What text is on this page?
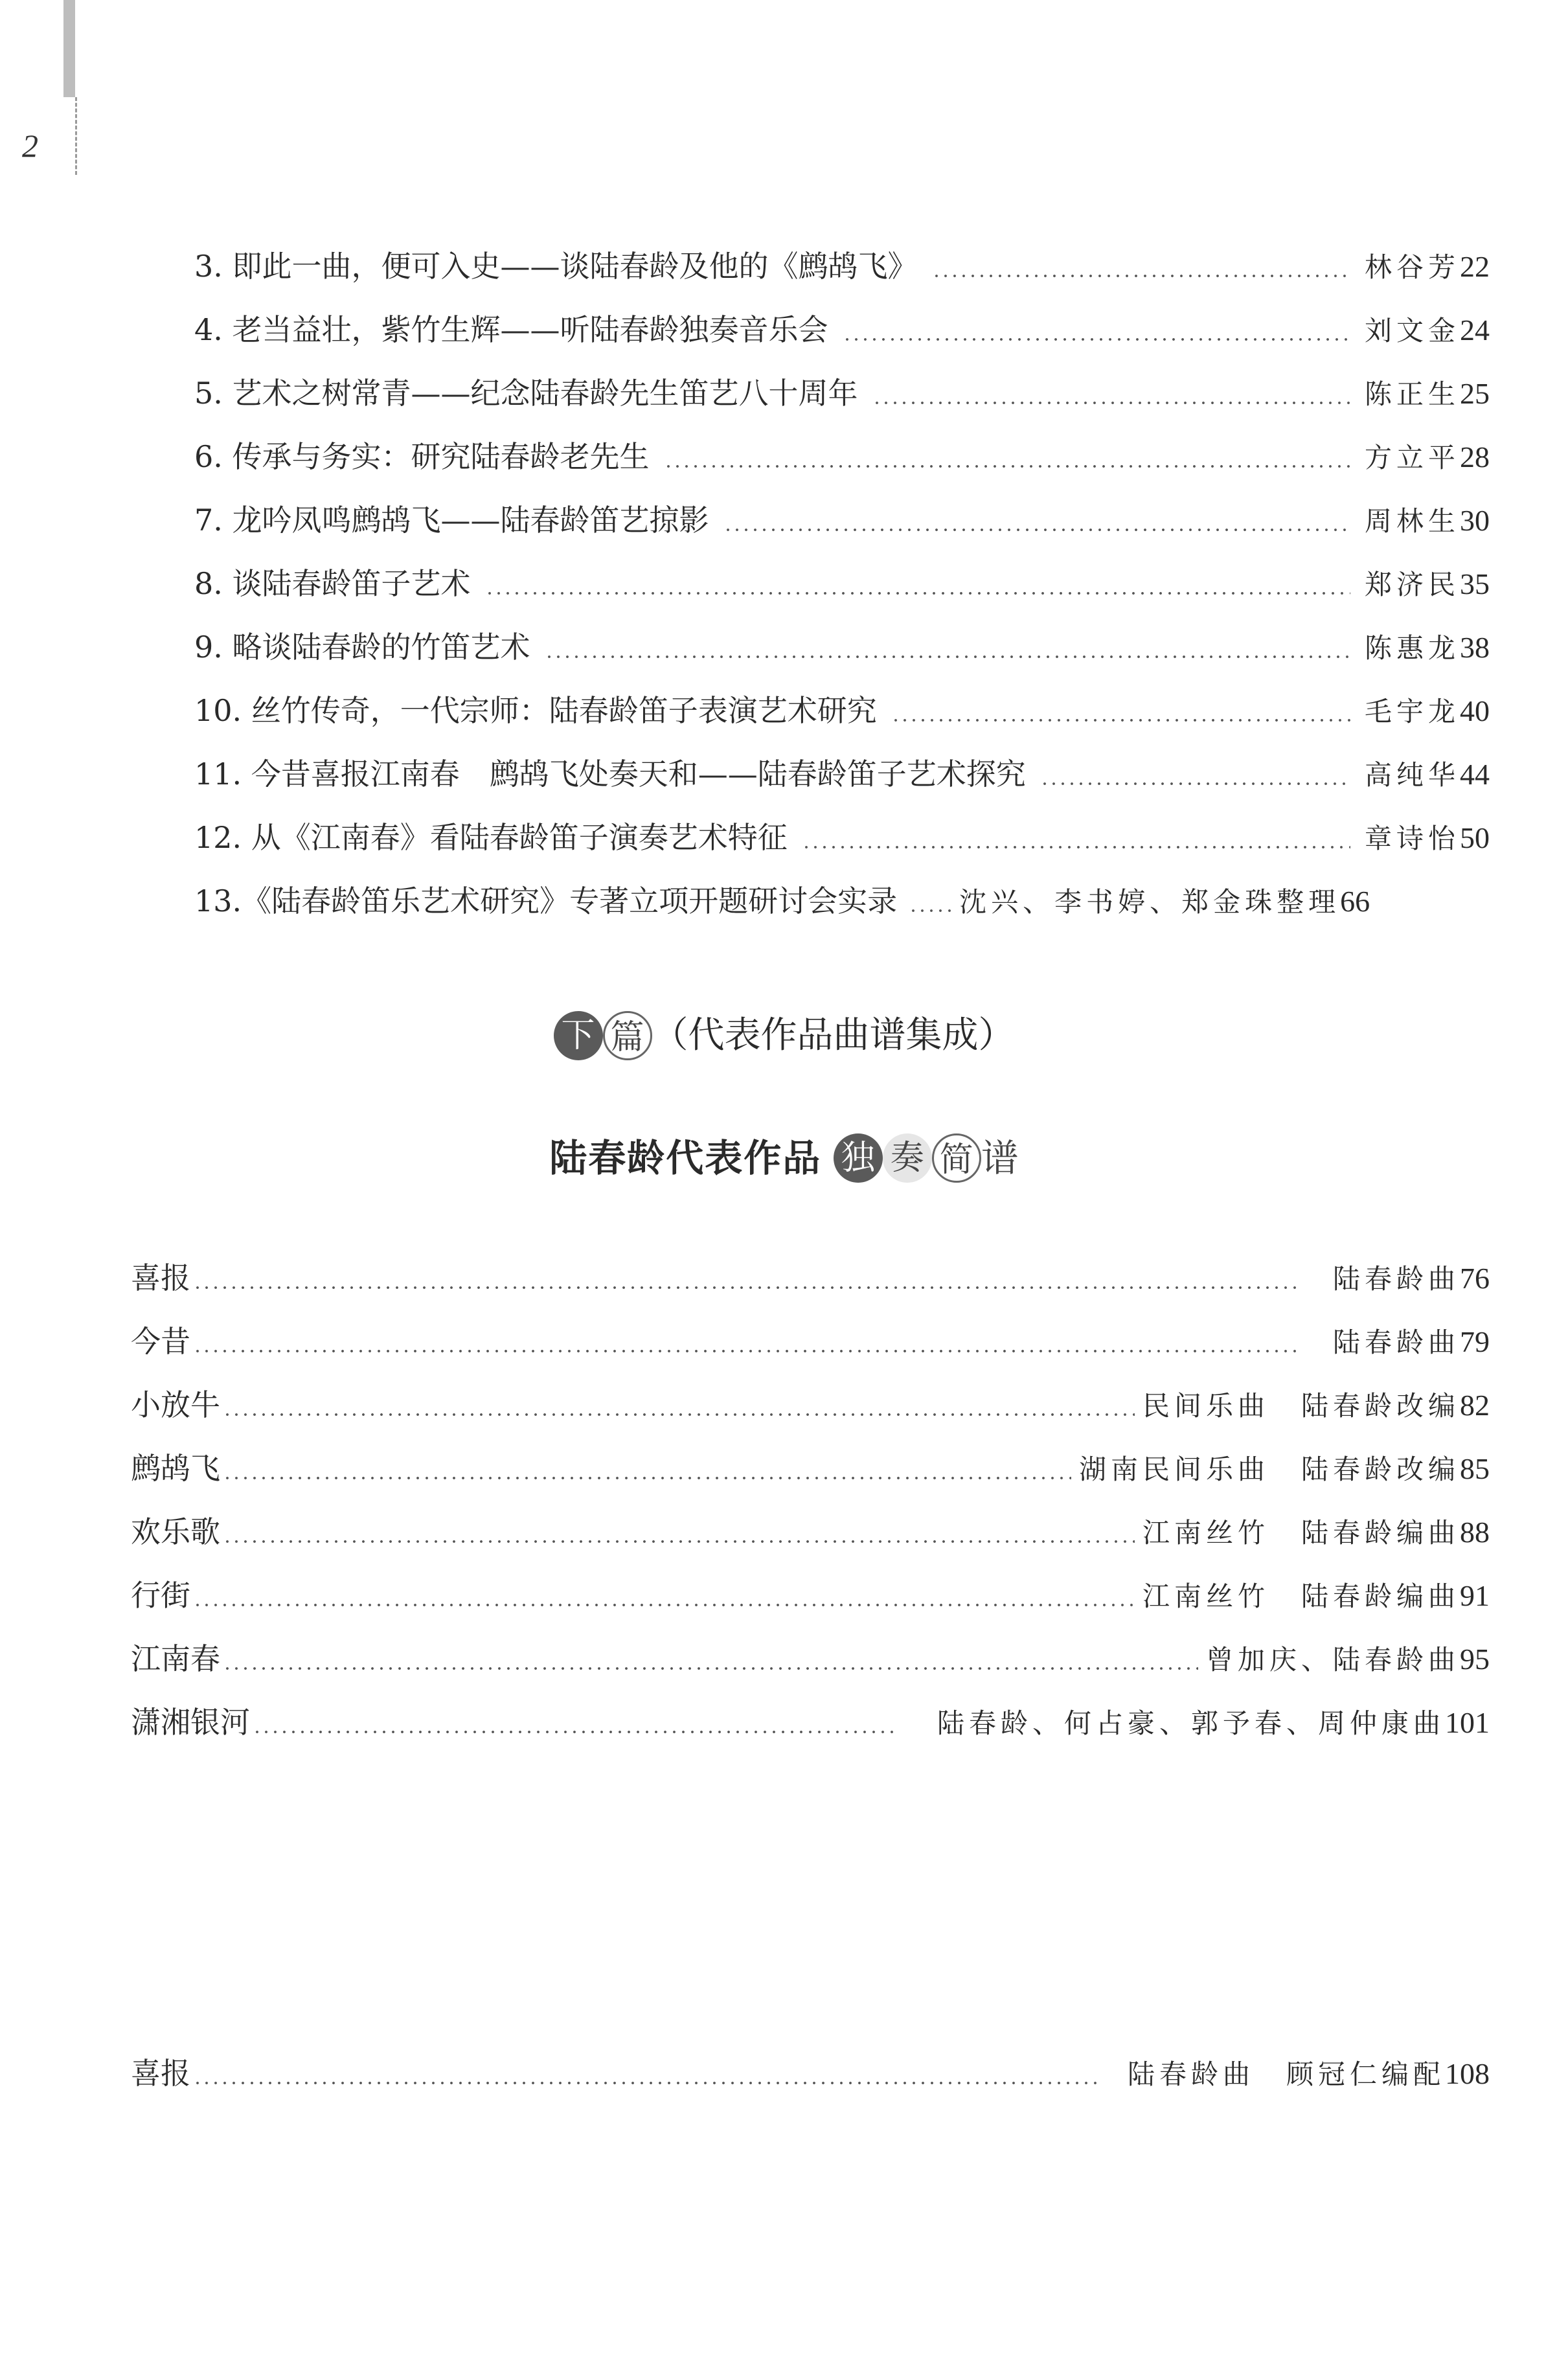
2
3. 即此一曲，便可入史——谈陆春龄及他的《鹧鸪飞》	林谷芳 22
4. 老当益壮，紫竹生辉——听陆春龄独奏音乐会	刘文金 24
5. 艺术之树常青——纪念陆春龄先生笛艺八十周年	陈正生 25
6. 传承与务实：研究陆春龄老先生	方立平 28
7. 龙吟凤鸣鹧鸪飞——陆春龄笛艺掠影	周林生 30
8. 谈陆春龄笛子艺术	郑济民 35
9. 略谈陆春龄的竹笛艺术	陈惠龙 38
10. 丝竹传奇，一代宗师：陆春龄笛子表演艺术研究	毛宇龙 40
11. 今昔喜报江南春　鹧鸪飞处奏天和——陆春龄笛子艺术探究	高纯华 44
12. 从《江南春》看陆春龄笛子演奏艺术特征	章诗怡 50
13.《陆春龄笛乐艺术研究》专著立项开题研讨会实录 沈兴、李书婷、郑金珠整理 66
下 篇 （代表作品曲谱集成）
陆春龄代表作品 独 奏 简 谱
喜报	陆春龄曲 76
今昔	陆春龄曲 79
小放牛	民间乐曲　陆春龄改编 82
鹧鸪飞	湖南民间乐曲　陆春龄改编 85
欢乐歌	江南丝竹　陆春龄编曲 88
行街	江南丝竹　陆春龄编曲 91
江南春	曾加庆、陆春龄曲 95
潇湘银河	陆春龄、何占豪、郭予春、周仲康曲 101
喜报	陆春龄曲　顾冠仁编配 108
